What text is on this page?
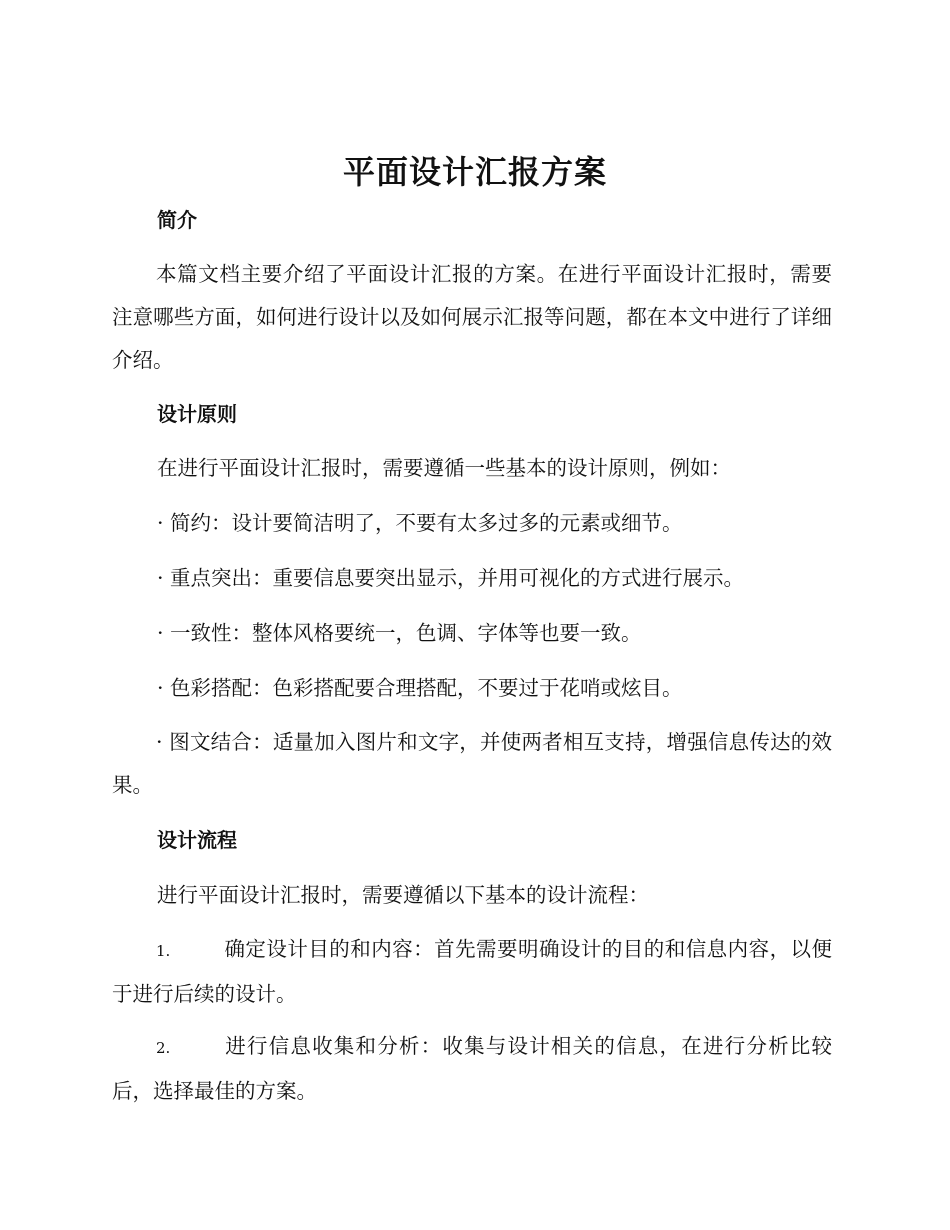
平面设计汇报方案
简介

本篇文档主要介绍了平面设计汇报的方案。在进行平面设计汇报时，需要注意哪些方面，如何进行设计以及如何展示汇报等问题，都在本文中进行了详细介绍。

设计原则
在进行平面设计汇报时，需要遵循一些基本的设计原则，例如：
· 简约：设计要简洁明了，不要有太多过多的元素或细节。
· 重点突出：重要信息要突出显示，并用可视化的方式进行展示。
· 一致性：整体风格要统一，色调、字体等也要一致。
· 色彩搭配：色彩搭配要合理搭配，不要过于花哨或炫目。

· 图文结合：适量加入图片和文字，并使两者相互支持，增强信息传达的效果。

设计流程
进行平面设计汇报时，需要遵循以下基本的设计流程：
1.	确定设计目的和内容：首先需要明确设计的目的和信息内容，以便于进行后续的设计。
2.	进行信息收集和分析：收集与设计相关的信息，在进行分析比较后，选择最佳的方案。
